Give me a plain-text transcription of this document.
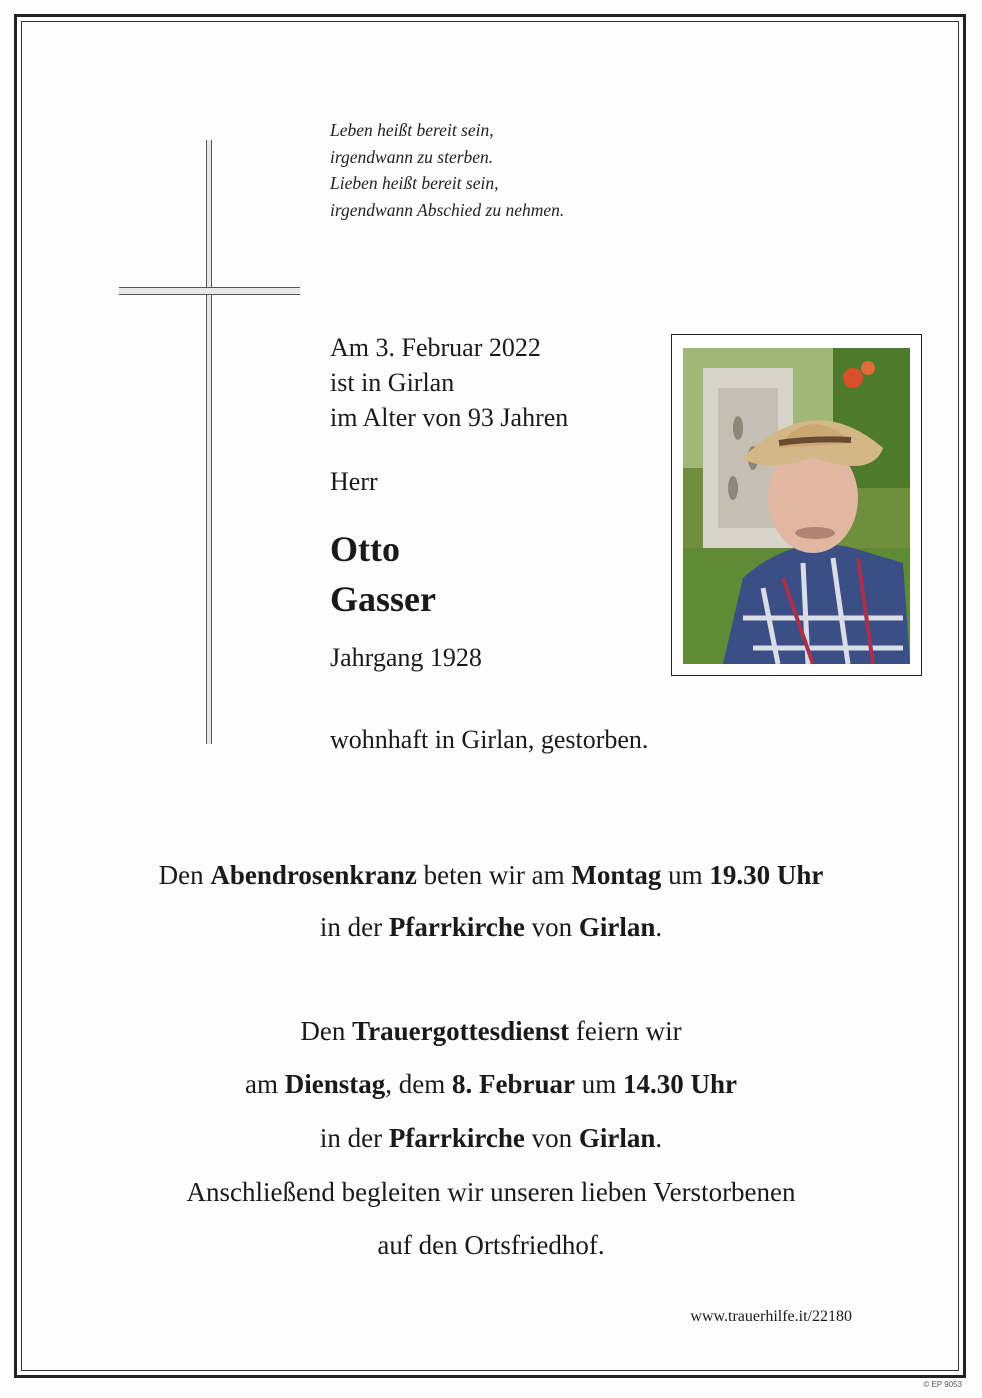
Leben heißt bereit sein,
irgendwann zu sterben.
Lieben heißt bereit sein,
irgendwann Abschied zu nehmen.
Am 3. Februar 2022
ist in Girlan
im Alter von 93 Jahren
Herr
Otto
Gasser
Jahrgang 1928
wohnhaft in Girlan, gestorben.
Den Abendrosenkranz beten wir am Montag um 19.30 Uhr
in der Pfarrkirche von Girlan.
Den Trauergottesdienst feiern wir
am Dienstag, dem 8. Februar um 14.30 Uhr
in der Pfarrkirche von Girlan.
Anschließend begleiten wir unseren lieben Verstorbenen
auf den Ortsfriedhof.
www.trauerhilfe.it/22180
© EP 9053
